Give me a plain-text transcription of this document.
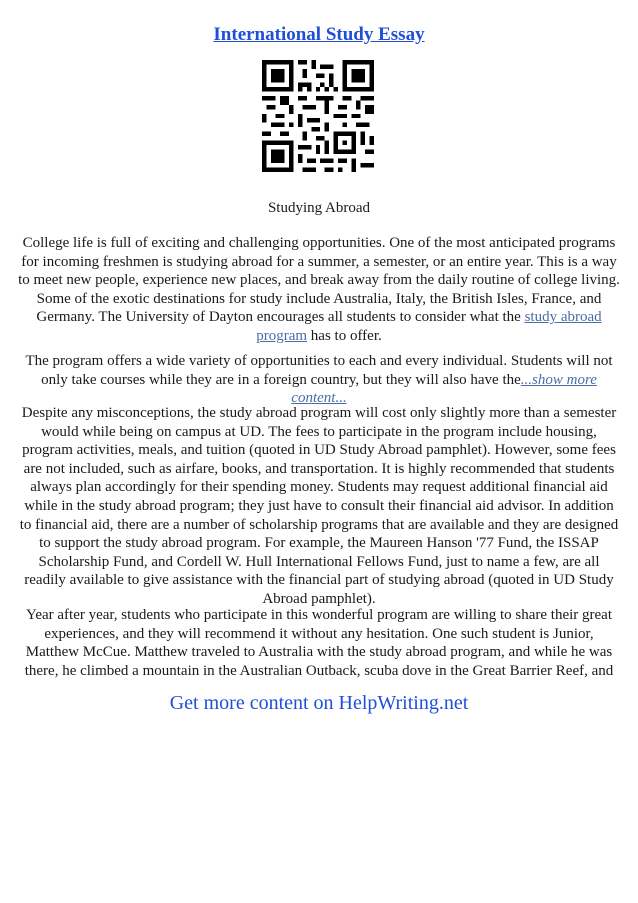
International Study Essay
Studying Abroad

College life is full of exciting and challenging opportunities. One of the most anticipated programs for incoming freshmen is studying abroad for a summer, a semester, or an entire year. This is a way to meet new people, experience new places, and break away from the daily routine of college living. Some of the exotic destinations for study include Australia, Italy, the British Isles, France, and Germany. The University of Dayton encourages all students to consider what the study abroad program has to offer.

The program offers a wide variety of opportunities to each and every individual. Students will not only take courses while they are in a foreign country, but they will also have the...show more content...

Despite any misconceptions, the study abroad program will cost only slightly more than a semester would while being on campus at UD. The fees to participate in the program include housing, program activities, meals, and tuition (quoted in UD Study Abroad pamphlet). However, some fees are not included, such as airfare, books, and transportation. It is highly recommended that students always plan accordingly for their spending money. Students may request additional financial aid while in the study abroad program; they just have to consult their financial aid advisor. In addition to financial aid, there are a number of scholarship programs that are available and they are designed to support the study abroad program. For example, the Maureen Hanson '77 Fund, the ISSAP Scholarship Fund, and Cordell W. Hull International Fellows Fund, just to name a few, are all readily available to give assistance with the financial part of studying abroad (quoted in UD Study Abroad pamphlet).

Year after year, students who participate in this wonderful program are willing to share their great experiences, and they will recommend it without any hesitation. One such student is Junior, Matthew McCue. Matthew traveled to Australia with the study abroad program, and while he was there, he climbed a mountain in the Australian Outback, scuba dove in the Great Barrier Reef, and

Get more content on HelpWriting.net
